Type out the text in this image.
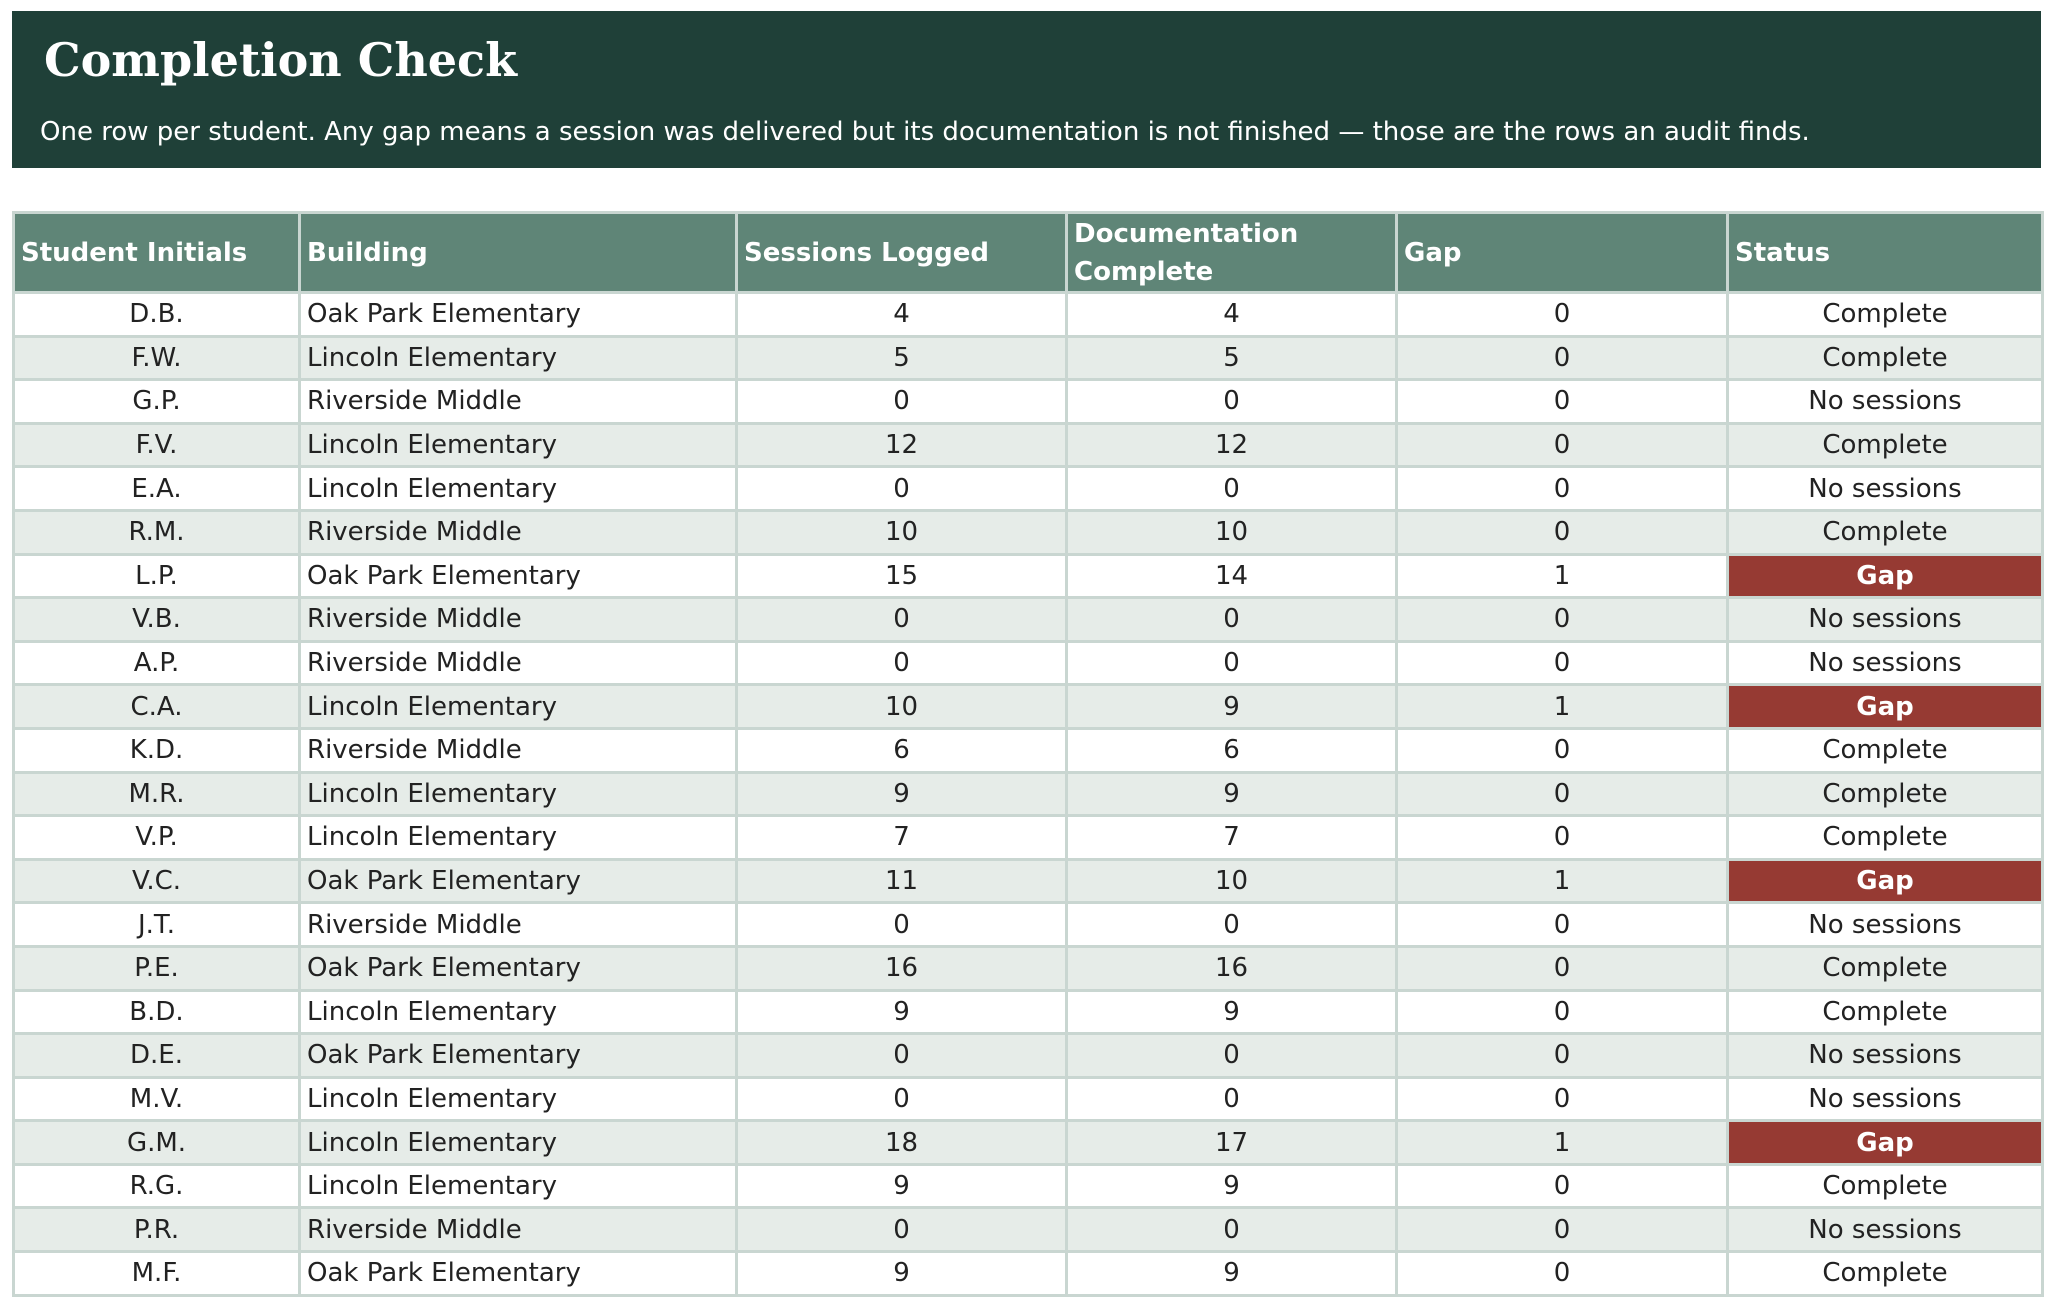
Completion Check
One row per student. Any gap means a session was delivered but its documentation is not finished — those are the rows an audit finds.
Student Initials	Building	Sessions Logged	Documentation Complete	Gap	Status
D.B.	Oak Park Elementary	4	4	0	Complete
F.W.	Lincoln Elementary	5	5	0	Complete
G.P.	Riverside Middle	0	0	0	No sessions
F.V.	Lincoln Elementary	12	12	0	Complete
E.A.	Lincoln Elementary	0	0	0	No sessions
R.M.	Riverside Middle	10	10	0	Complete
L.P.	Oak Park Elementary	15	14	1	Gap
V.B.	Riverside Middle	0	0	0	No sessions
A.P.	Riverside Middle	0	0	0	No sessions
C.A.	Lincoln Elementary	10	9	1	Gap
K.D.	Riverside Middle	6	6	0	Complete
M.R.	Lincoln Elementary	9	9	0	Complete
V.P.	Lincoln Elementary	7	7	0	Complete
V.C.	Oak Park Elementary	11	10	1	Gap
J.T.	Riverside Middle	0	0	0	No sessions
P.E.	Oak Park Elementary	16	16	0	Complete
B.D.	Lincoln Elementary	9	9	0	Complete
D.E.	Oak Park Elementary	0	0	0	No sessions
M.V.	Lincoln Elementary	0	0	0	No sessions
G.M.	Lincoln Elementary	18	17	1	Gap
R.G.	Lincoln Elementary	9	9	0	Complete
P.R.	Riverside Middle	0	0	0	No sessions
M.F.	Oak Park Elementary	9	9	0	Complete
